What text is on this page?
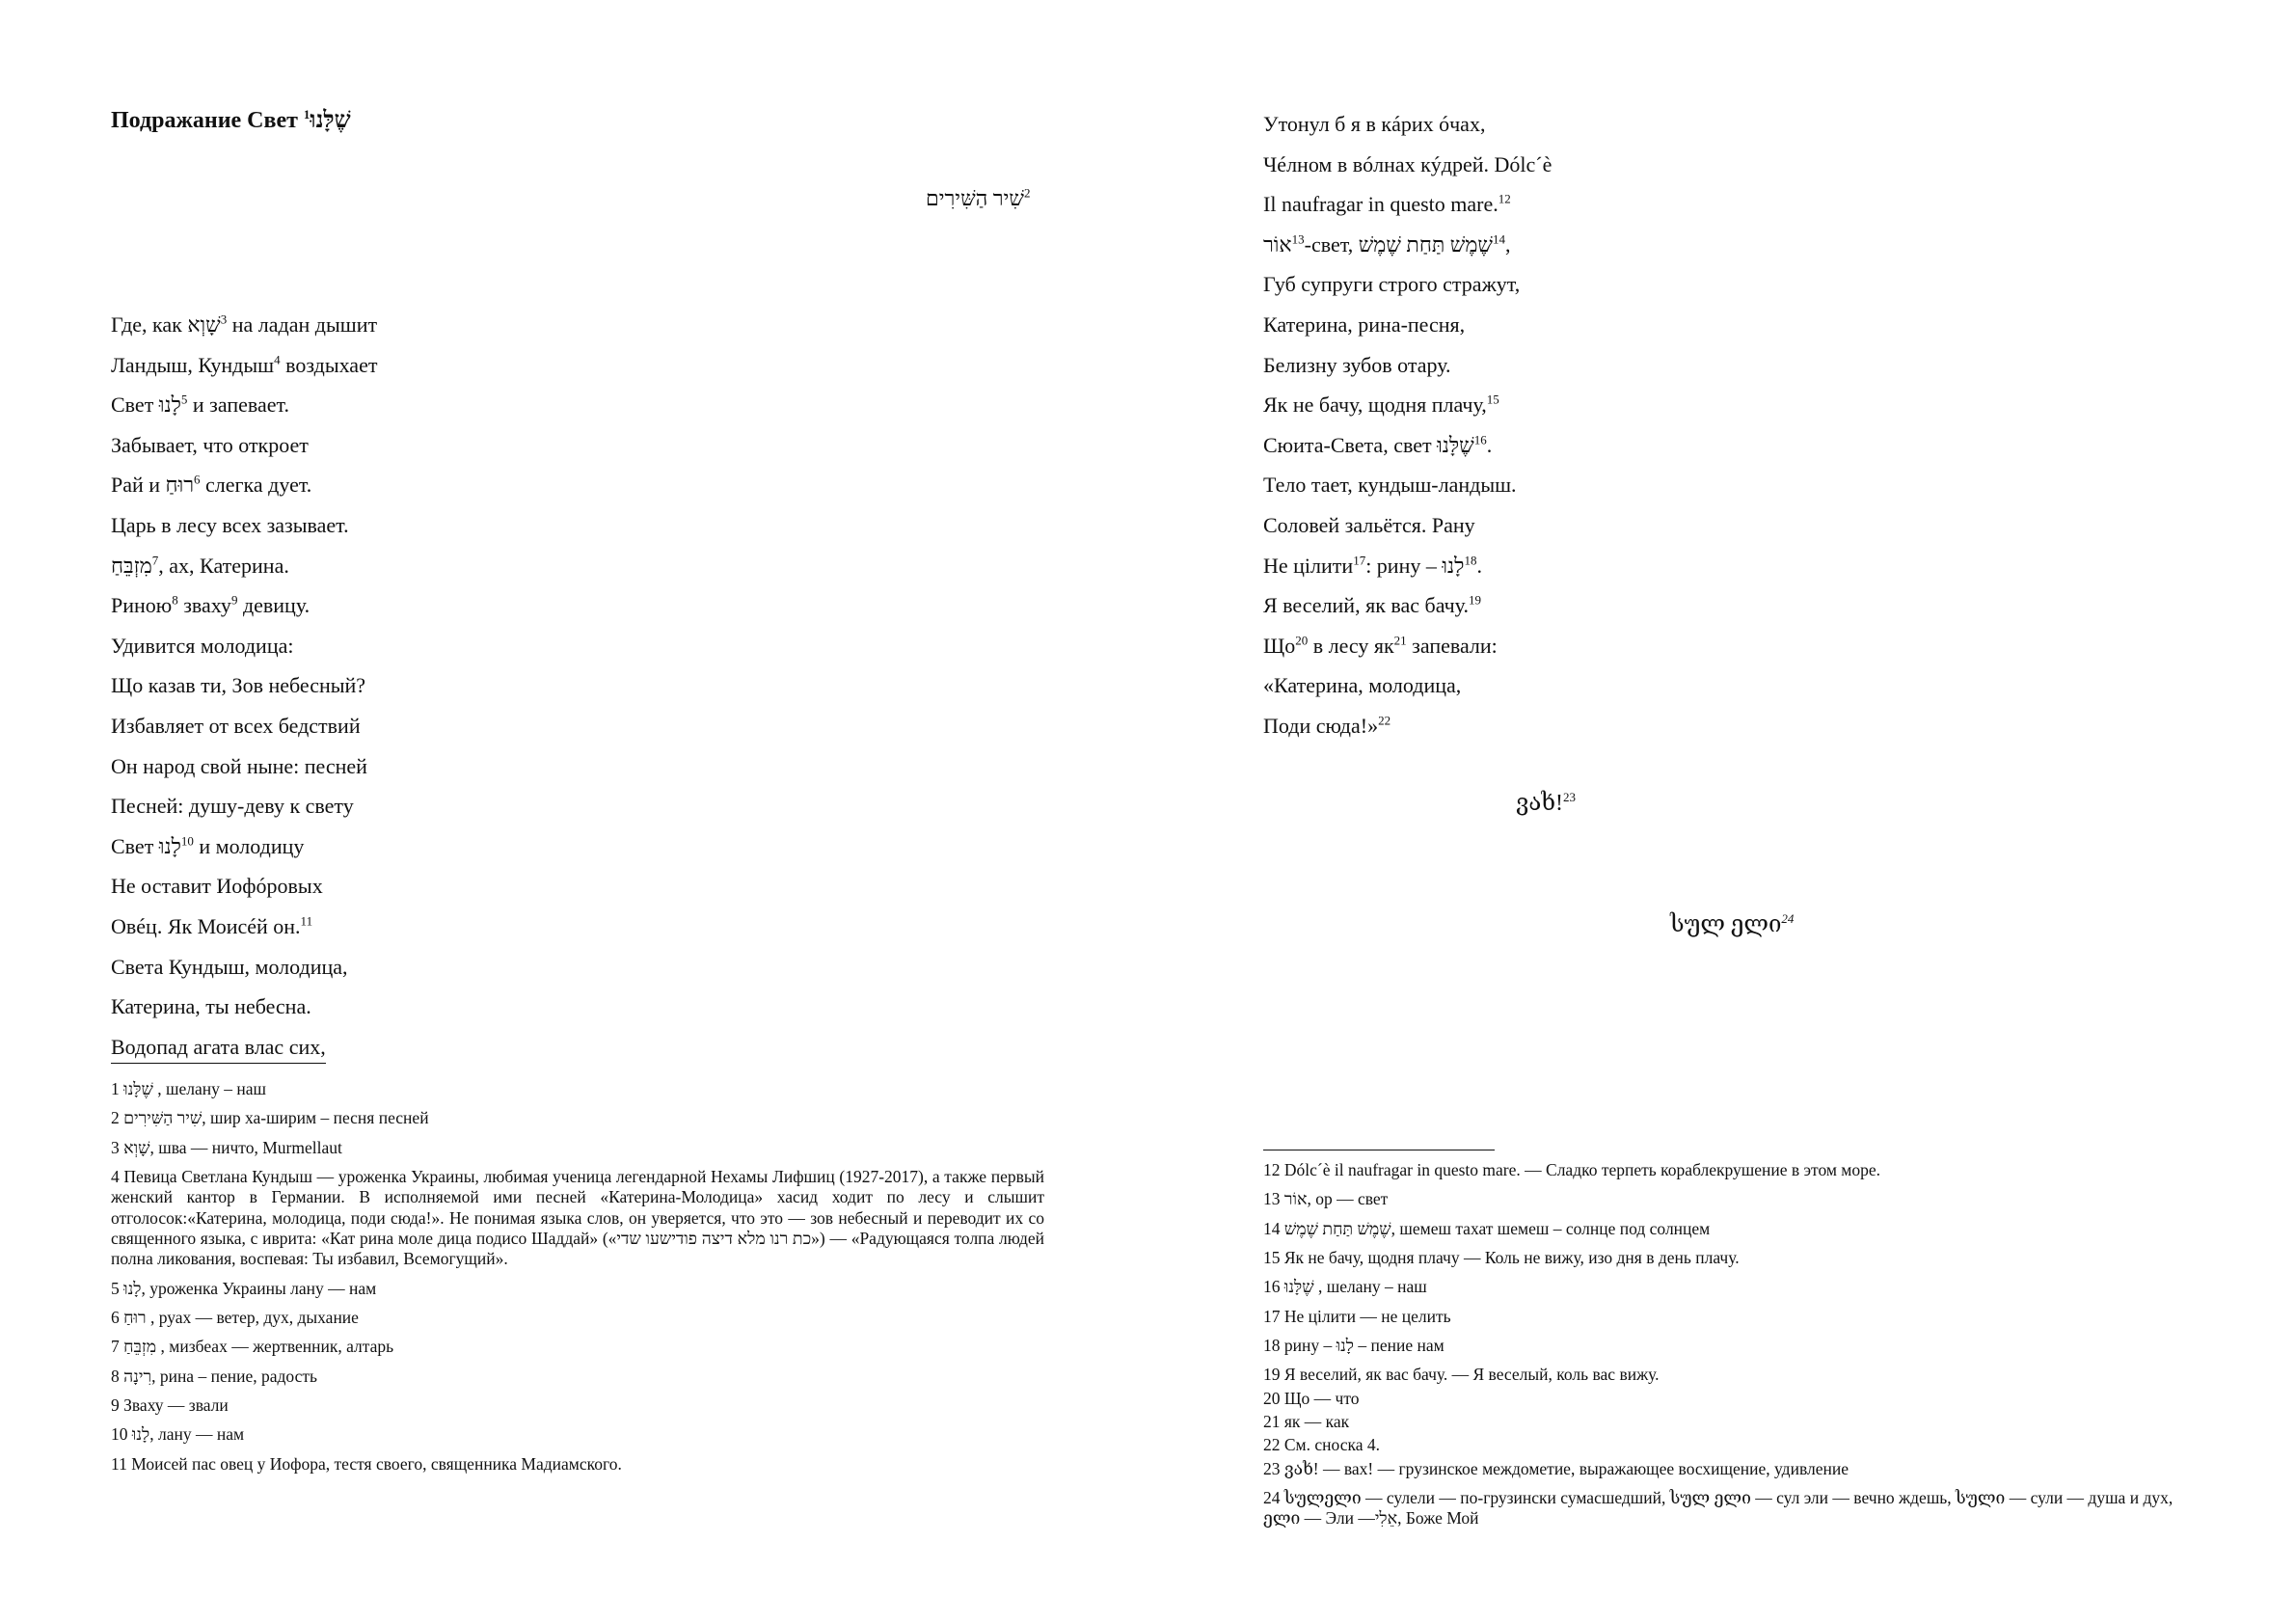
Подражание Свет שֶׁלָּנוּ$^1$
שִׁיר הַשִּׁירִים$^2$
Где, как שָׁוְא$^3$ на ладан дышит
Ландыш, Кундыш$^4$ воздыхает
Свет לָנוּ$^5$ и запевает.
Забывает, что откроет
Рай и רוּחַ$^6$ слегка дует.
Царь в лесу всех зазывает.
מִזְבֵּחַ$^7$, ах, Катерина.
Риною$^8$ зваху$^9$ девицу.
Удивится молодица:
Що казав ти, Зов небесный?
Избавляет от всех бедствий
Он народ свой ныне: песней
Песней: душу-деву к свету
Свет לָנוּ$^{10}$ и молодицу
Не оставит Иофóровых
Овéц. Як Моисéй он.$^{11}$
Света Кундыш, молодица,
Катерина, ты небесна.
Водопад агата влас сих,

1 שֶׁלָּנוּ , шелану – наш

2 שִׁיר הַשִּׁירִים, шир ха-ширим – песня песней

3 שָׁוְא, шва — ничто, Murmellaut

4 Певица Светлана Кундыш — уроженка Украины, любимая ученица легендарной Нехамы Лифшиц (1927-2017), а также первый женский кантор в Германии. В исполняемой ими песней «Катерина-Молодица» хасид ходит по лесу и слышит отголосок:«Катерина, молодица, поди сюда!». Не понимая языка слов, он уверяется, что это — зов небесный и переводит их со священного языка, с иврита: «Кат рина моле дица подисо Шаддай» («כת רנו מלא דיצה פודישעו שדי») — «Радующаяся толпа людей полна ликования, воспевая: Ты избавил, Всемогущий».

5 לָנוּ, уроженка Украины лану — нам

6 רוּחַ , руах — ветер, дух, дыхание

7 מִזְבֵּחַ , мизбеах — жертвенник, алтарь

8 רִינָה, рина – пение, радость

9 Зваху — звали

10 לָנוּ, лану — нам

11 Моисей пас овец у Иофора, тестя своего, священника Мадиамского.

Утонул б я в кáрих óчах,
Чéлном в вóлнах кýдрей. Dólc´è
Il naufragar in questo mare.$^{12}$
אוֹר$^{13}$-свет, שֶׁמֶשׁ תַּחַת שֶׁמֶשׁ$^{14}$,
Губ супруги строго стражут,
Катерина, рина-песня,
Белизну зубов отару.
Як не бачу, щодня плачу,$^{15}$
Сюита-Света, свет שֶׁלָּנוּ$^{16}$.
Тело тает, кундыш-ландыш.
Соловей зальётся. Рану
Не цілити$^{17}$: рину – לָנוּ$^{18}$.
Я веселий, як вас бачу.$^{19}$
$Що^{20}$ в лесу $як^{21}$ запевали:
«Катерина, молодица,
Поди сюда!»$^{22}$
ვახ!$^{23}$
სულ ელი$^{24}$

12 Dólc´è il naufragar in questo mare. — Сладко терпеть кораблекрушение в этом море.

13 אוֹר, ор — свет

14 שֶׁמֶשׁ תַּחַת שֶׁמֶשׁ, шемеш тахат шемеш – солнце под солнцем

15 Як не бачу, щодня плачу — Коль не вижу, изо дня в день плачу.

16 שֶׁלָּנוּ , шелану – наш

17 Не цілити — не целить

18 рину – לָנוּ – пение нам

19 Я веселий, як вас бачу. — Я веселый, коль вас вижу.

20 Що — что

21 як — как

22 См. сноска 4.

23 ვახ! — вах! — грузинское междометие, выражающее восхищение, удивление

24 სულელი — сулели — по-грузински сумасшедший, სულ ელი — сул эли — вечно ждешь, სული — сули — душа и дух, ელი — Эли —אֵלִי, Боже Мой
